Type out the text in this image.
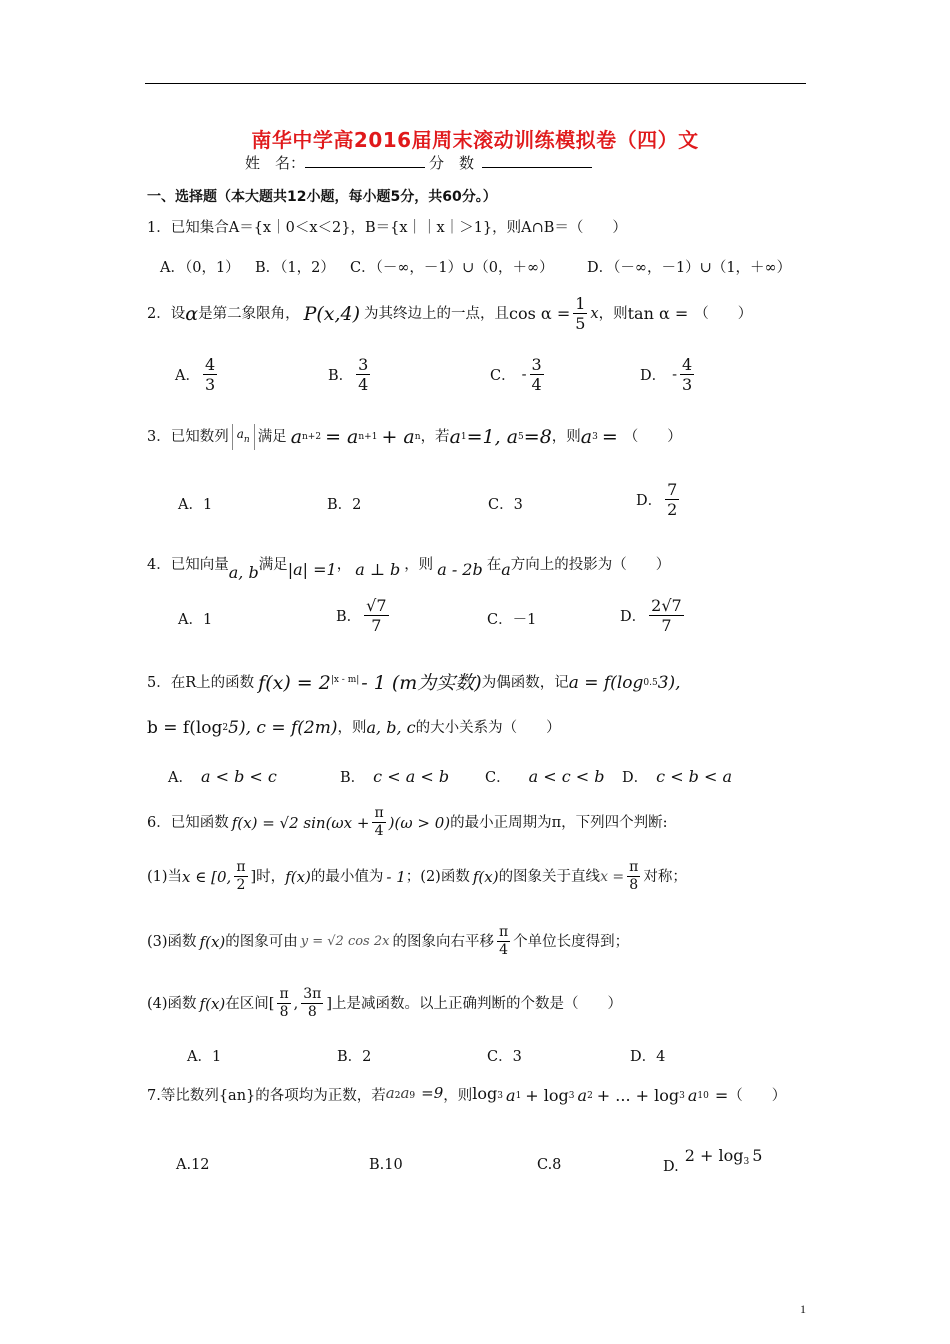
南华中学高2016届周末滚动训练模拟卷（四）文
姓　名：	分　数
一、选择题（本大题共12小题，每小题5分，共60分。）
1．已知集合A＝{x｜0＜x＜2}，B＝{x｜｜x｜＞1}，则A∩B＝（　　）
A．（0，1） B．（1，2） C．（－∞，－1）∪（0，＋∞） D．（－∞，－1）∪（1，＋∞）
2．设 α 是第二象限角， P(x,4) 为其终边上的一点，且 $\cos \alpha = \frac{1}{5}$ x ，则 tan α = （　　）
A． $\frac{4}{3}$	B． $\frac{3}{4}$	C． - $\frac{3}{4}$	D． - $\frac{4}{3}$
3．已知数列 $a_n$ 满足 a n+2 = a n+1 + a n ，若 a 1 =1, a 5 =8 ，则 a 3 = （　　）
A．1	B．2	C．3	D． $\frac{7}{2}$
4．已知向量 a, b 满足 |a| =1 ， a ⊥ b ，则 a - 2b 在 a 方向上的投影为（　　）
A．1	B． $\frac{√7}{7}$	C．－1	D． $\frac{2√7}{7}$
5．在R上的函数 f(x) = 2 |x - m| - 1 (m为实数) 为偶函数，记 a = f(log 0.5 3),
b = f(log 2 5), c = f(2m) ，则 a, b, c 的大小关系为（　　）
A． a < b < c	B． c < a < b C． a < c < b D． c < b < a
6．已知函数 f(x) = √2 $\sin(\omega x + \frac{\pi}{4} )(\omega > 0)$ 的最小正周期为π，下列四个判断:
(1)当 x ∈ [0, $\frac{\pi}{2}$ ]时， f(x) 的最小值为 - 1 ；(2)函数 f(x) 的图象关于直线 $x = \frac{\pi}{8}$ 对称；
(3)函数 f(x) 的图象可由 y = √2 cos 2x 的图象向右平移 $\frac{\pi}{4}$ 个单位长度得到；
(4)函数 f(x) 在区间[ $\frac{\pi}{8}$ , $\frac{3\pi}{8}$ ]上是减函数。以上正确判断的个数是（　　）
A．1	B．2	C．3	D．4
7.等比数列{an}的各项均为正数，若 a 2 a 9 =9 ，则 log 3 a 1 + log 3 a 2 + ... + log 3 a 10 = （　　）
A.12	B.10	C.8	D.
2 + log 3 5
1
